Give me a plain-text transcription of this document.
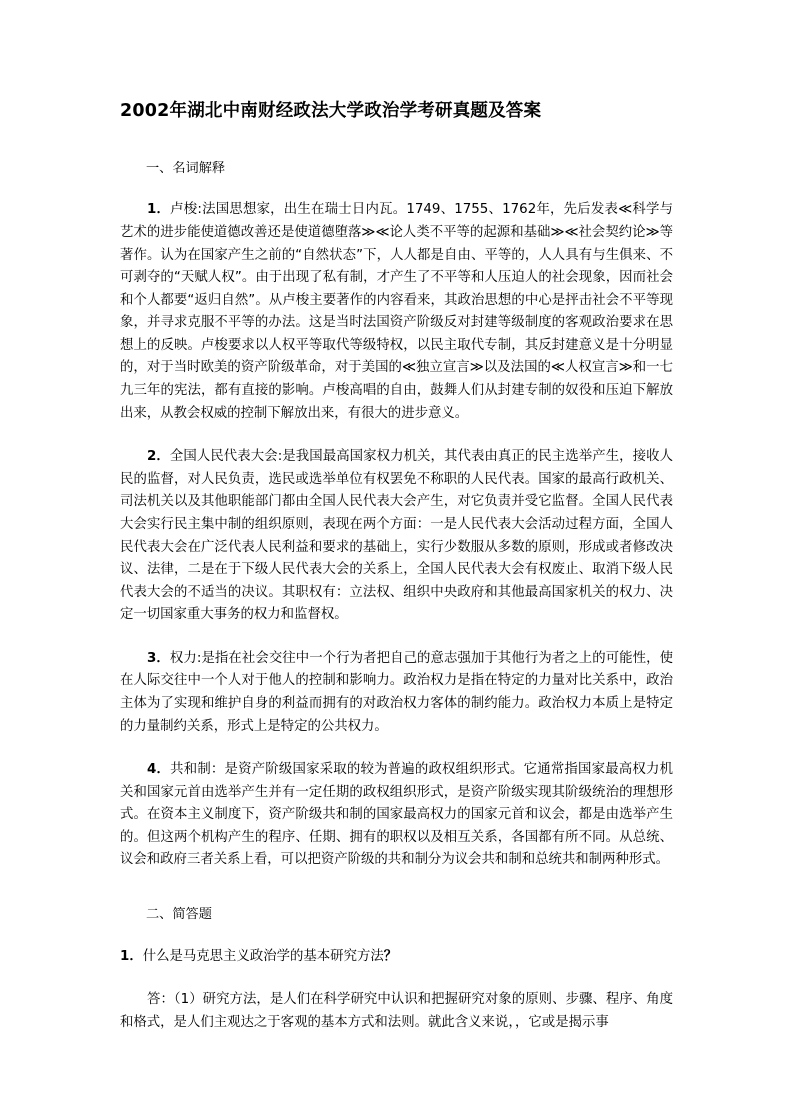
2002年湖北中南财经政法大学政治学考研真题及答案

一、名词解释

1．卢梭:法国思想家，出生在瑞士日内瓦。1749、1755、1762年，先后发表≪科学与艺术的进步能使道德改善还是使道德堕落≫≪论人类不平等的起源和基础≫≪社会契约论≫等著作。认为在国家产生之前的“自然状态”下，人人都是自由、平等的，人人具有与生俱来、不可剥夺的“天赋人权”。由于出现了私有制，才产生了不平等和人压迫人的社会现象，因而社会和个人都要“返归自然”。从卢梭主要著作的内容看来，其政治思想的中心是抨击社会不平等现象，并寻求克服不平等的办法。这是当时法国资产阶级反对封建等级制度的客观政治要求在思想上的反映。卢梭要求以人权平等取代等级特权，以民主取代专制，其反封建意义是十分明显的，对于当时欧美的资产阶级革命，对于美国的≪独立宣言≫以及法国的≪人权宣言≫和一七九三年的宪法，都有直接的影响。卢梭高唱的自由，鼓舞人们从封建专制的奴役和压迫下解放出来，从教会权威的控制下解放出来，有很大的进步意义。

2．全国人民代表大会:是我国最高国家权力机关，其代表由真正的民主选举产生，接收人民的监督，对人民负责，选民或选举单位有权罢免不称职的人民代表。国家的最高行政机关、司法机关以及其他职能部门都由全国人民代表大会产生，对它负责并受它监督。全国人民代表大会实行民主集中制的组织原则，表现在两个方面：一是人民代表大会活动过程方面，全国人民代表大会在广泛代表人民利益和要求的基础上，实行少数服从多数的原则，形成或者修改决议、法律，二是在于下级人民代表大会的关系上，全国人民代表大会有权废止、取消下级人民代表大会的不适当的决议。其职权有：立法权、组织中央政府和其他最高国家机关的权力、决定一切国家重大事务的权力和监督权。

3．权力:是指在社会交往中一个行为者把自己的意志强加于其他行为者之上的可能性，使在人际交往中一个人对于他人的控制和影响力。政治权力是指在特定的力量对比关系中，政治主体为了实现和维护自身的利益而拥有的对政治权力客体的制约能力。政治权力本质上是特定的力量制约关系，形式上是特定的公共权力。

4．共和制：是资产阶级国家采取的较为普遍的政权组织形式。它通常指国家最高权力机关和国家元首由选举产生并有一定任期的政权组织形式，是资产阶级实现其阶级统治的理想形式。在资本主义制度下，资产阶级共和制的国家最高权力的国家元首和议会，都是由选举产生的。但这两个机构产生的程序、任期、拥有的职权以及相互关系，各国都有所不同。从总统、议会和政府三者关系上看，可以把资产阶级的共和制分为议会共和制和总统共和制两种形式。

二、简答题

1．什么是马克思主义政治学的基本研究方法？

答：（1）研究方法，是人们在科学研究中认识和把握研究对象的原则、步骤、程序、角度和格式，是人们主观达之于客观的基本方式和法则。就此含义来说，，它或是揭示事
